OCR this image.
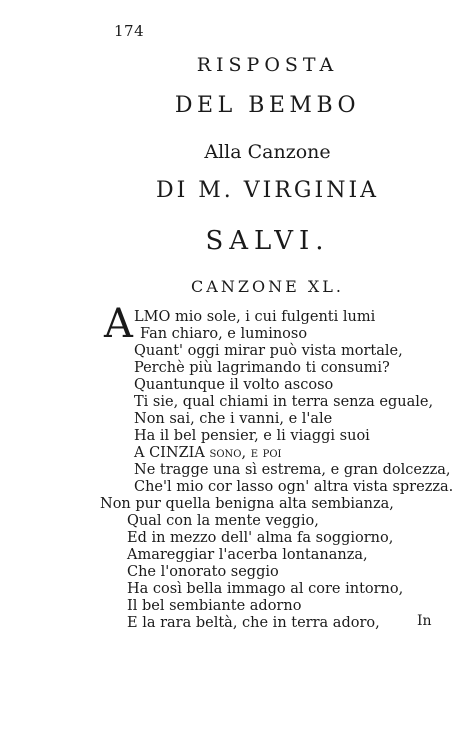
174
RISPOSTA
DEL BEMBO
Alla Canzone
DI M. VIRGINIA
SALVI.
CANZONE XL.
A LMO mio sole, i cui fulgenti lumi
Fan chiaro, e luminoso
Quant' oggi mirar può vista mortale,
Perchè più lagrimando ti consumi?
Quantunque il volto ascoso
Ti sie, qual chiami in terra senza eguale,
Non sai, che i vanni, e l'ale
Ha il bel pensier, e li viaggi suoi
A CINZIA sono, e poi
Ne tragge una sì estrema, e gran dolcezza,
Che'l mio cor lasso ogn' altra vista sprezza.
Non pur quella benigna alta sembianza,
Qual con la mente veggio,
Ed in mezzo dell' alma fa soggiorno,
Amareggiar l'acerba lontananza,
Che l'onorato seggio
Ha così bella immago al core intorno,
Il bel sembiante adorno
E la rara beltà, che in terra adoro,	In
